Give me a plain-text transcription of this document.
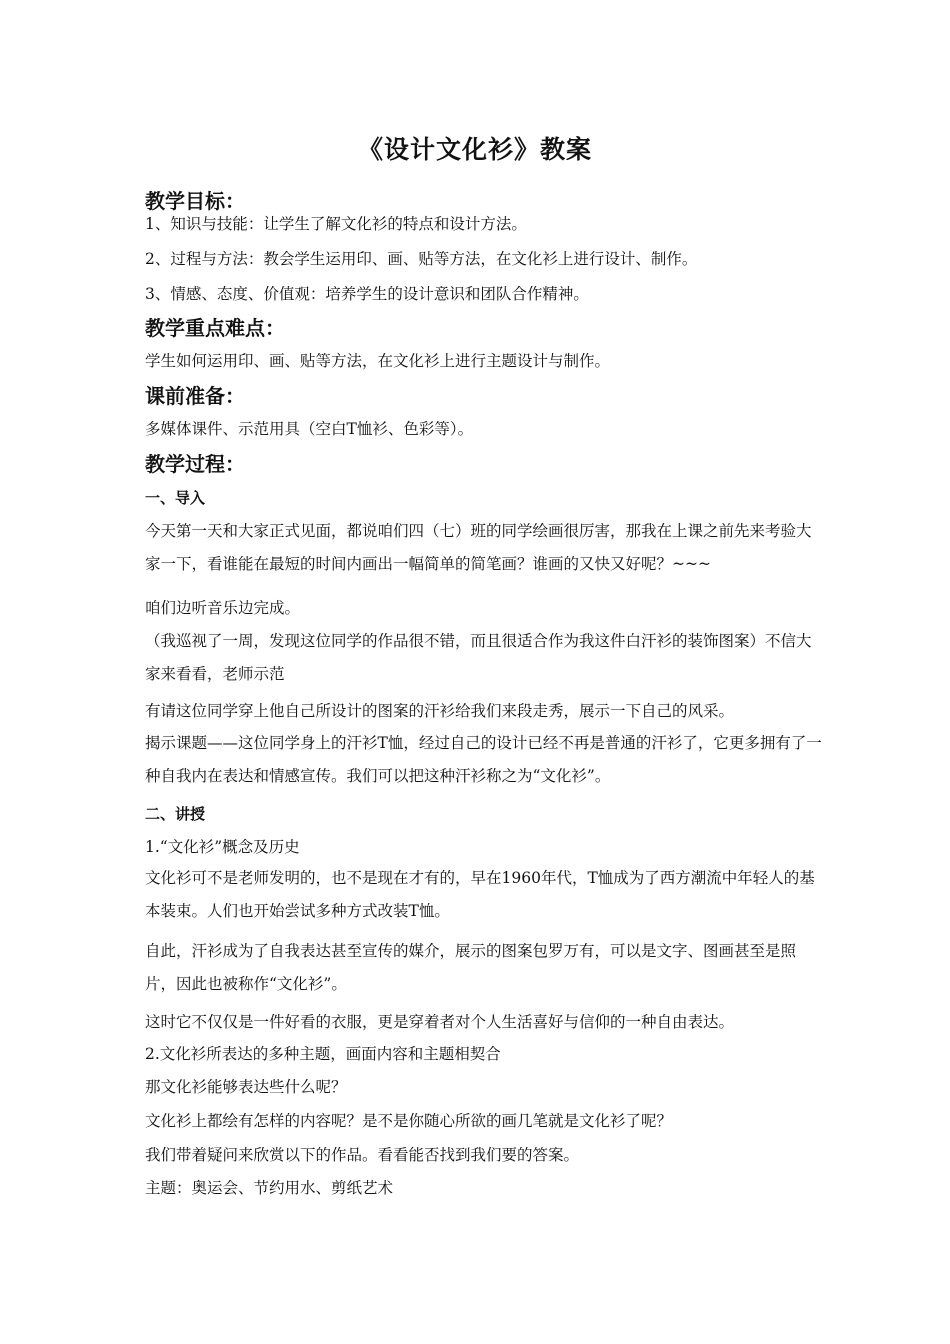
《设计文化衫》教案
教学目标：
1、知识与技能：让学生了解文化衫的特点和设计方法。
2、过程与方法：教会学生运用印、画、贴等方法，在文化衫上进行设计、制作。
3、情感、态度、价值观：培养学生的设计意识和团队合作精神。
教学重点难点：
学生如何运用印、画、贴等方法，在文化衫上进行主题设计与制作。
课前准备：
多媒体课件、示范用具（空白T恤衫、色彩等）。
教学过程：
一、导入
今天第一天和大家正式见面，都说咱们四（七）班的同学绘画很厉害，那我在上课之前先来考验大家一下，看谁能在最短的时间内画出一幅简单的简笔画？谁画的又快又好呢？~~~
咱们边听音乐边完成。
（我巡视了一周，发现这位同学的作品很不错，而且很适合作为我这件白汗衫的装饰图案）不信大家来看看，老师示范
有请这位同学穿上他自己所设计的图案的汗衫给我们来段走秀，展示一下自己的风采。
揭示课题——这位同学身上的汗衫T恤，经过自己的设计已经不再是普通的汗衫了，它更多拥有了一种自我内在表达和情感宣传。我们可以把这种汗衫称之为“文化衫”。
二、讲授
1.“文化衫”概念及历史
文化衫可不是老师发明的，也不是现在才有的，早在1960年代，T恤成为了西方潮流中年轻人的基本装束。人们也开始尝试多种方式改装T恤。
自此，汗衫成为了自我表达甚至宣传的媒介，展示的图案包罗万有，可以是文字、图画甚至是照片，因此也被称作“文化衫”。
这时它不仅仅是一件好看的衣服，更是穿着者对个人生活喜好与信仰的一种自由表达。
2.文化衫所表达的多种主题，画面内容和主题相契合
那文化衫能够表达些什么呢？
文化衫上都绘有怎样的内容呢？是不是你随心所欲的画几笔就是文化衫了呢？
我们带着疑问来欣赏以下的作品。看看能否找到我们要的答案。
主题：奥运会、节约用水、剪纸艺术
